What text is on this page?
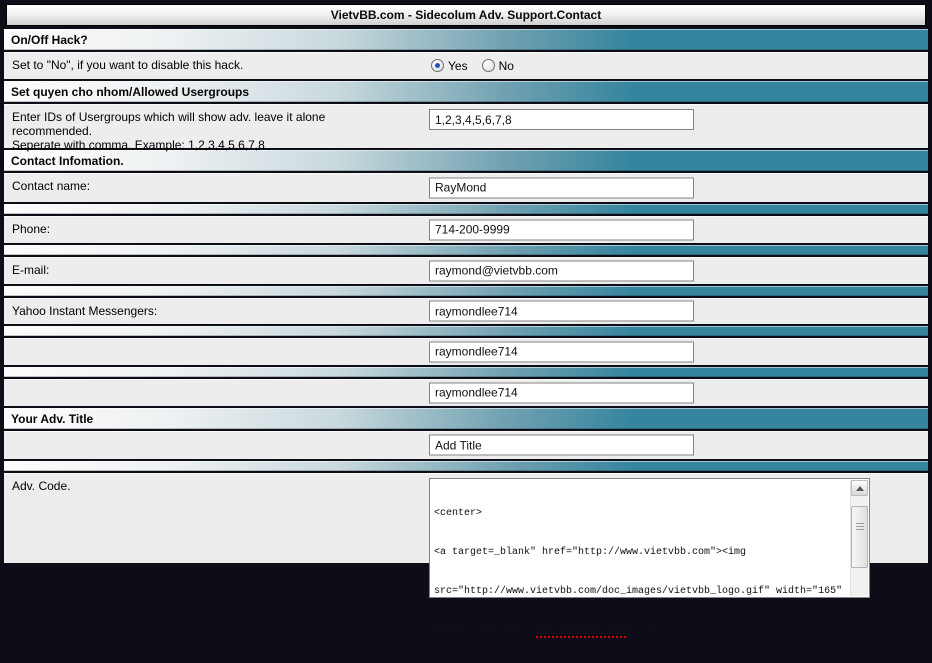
VietvBB.com - Sidecolum Adv. Support.Contact
On/Off Hack?
Set to "No", if you want to disable this hack.	Yes	No
Set quyen cho nhom/Allowed Usergroups
Enter IDs of Usergroups which will show adv. leave it alone recommended.
Seperate with comma. Example: 1,2,3,4,5,6,7,8
1,2,3,4,5,6,7,8
Contact Infomation.
Contact name:
RayMond
Phone:
714-200-9999
E-mail:
raymond@vietvbb.com
Yahoo Instant Messengers:
raymondlee714
raymondlee714
raymondlee714
Your Adv. Title
Add Title
Adv. Code.

<center>

<a target=_blank" href="http://www.vietvbb.com"><img

src="http://www.vietvbb.com/doc_images/vietvbb_logo.gif" width="165"

height="65" alt="www.VietvBB.com"></a>
